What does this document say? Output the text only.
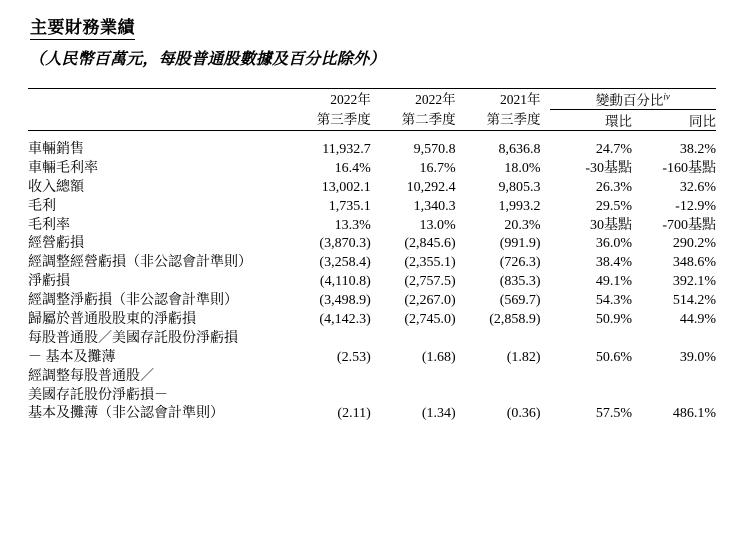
主要財務業績
（人民幣百萬元，每股普通股數據及百分比除外）
	2022年	2022年	2021年		變動百分比$^{iv}$
	第三季度	第二季度	第三季度		環比	同比

車輛銷售	11,932.7	9,570.8	8,636.8		24.7%	38.2%
車輛毛利率	16.4%	16.7%	18.0%		-30基點	-160基點
收入總額	13,002.1	10,292.4	9,805.3		26.3%	32.6%
毛利	1,735.1	1,340.3	1,993.2		29.5%	-12.9%
毛利率	13.3%	13.0%	20.3%		30基點	-700基點
經營虧損	(3,870.3)	(2,845.6)	(991.9)		36.0%	290.2%
經調整經營虧損（非公認會計準則）	(3,258.4)	(2,355.1)	(726.3)		38.4%	348.6%
淨虧損	(4,110.8)	(2,757.5)	(835.3)		49.1%	392.1%
經調整淨虧損（非公認會計準則）	(3,498.9)	(2,267.0)	(569.7)		54.3%	514.2%
歸屬於普通股股東的淨虧損	(4,142.3)	(2,745.0)	(2,858.9)		50.9%	44.9%
每股普通股／美國存託股份淨虧損						
－ 基本及攤薄	(2.53)	(1.68)	(1.82)		50.6%	39.0%
經調整每股普通股／						
美國存託股份淨虧損－						
基本及攤薄（非公認會計準則）	(2.11)	(1.34)	(0.36)		57.5%	486.1%
